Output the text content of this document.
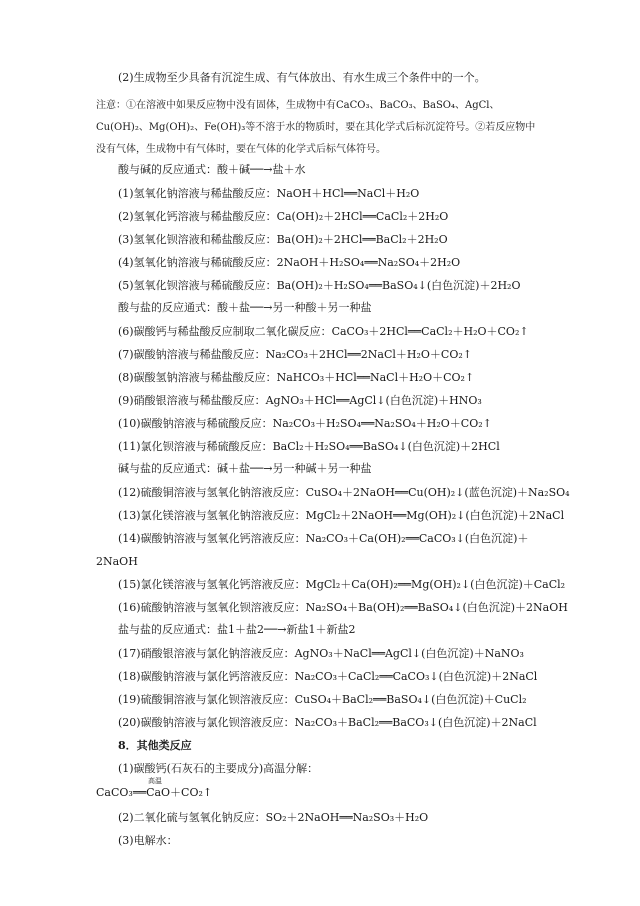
注意：①在溶液中如果反应物中没有固体，生成物中有CaCO₃、BaCO₃、BaSO₄、AgCl、Cu(OH)₂、Mg(OH)₂、Fe(OH)₃等不溶于水的物质时，要在其化学式后标沉淀符号。②若反应物中没有气体，生成物中有气体时，要在气体的化学式后标气体符号。
(2)生成物至少具备有沉淀生成、有气体放出、有水生成三个条件中的一个。
酸与碱的反应通式：酸＋碱──→盐＋水
(1)氢氧化钠溶液与稀盐酸反应：NaOH＋HCl══NaCl＋H₂O
(2)氢氧化钙溶液与稀盐酸反应：Ca(OH)₂＋2HCl══CaCl₂＋2H₂O
(3)氢氧化钡溶液和稀盐酸反应：Ba(OH)₂＋2HCl══BaCl₂＋2H₂O
(4)氢氧化钠溶液与稀硫酸反应：2NaOH＋H₂SO₄══Na₂SO₄＋2H₂O
(5)氢氧化钡溶液与稀硫酸反应：Ba(OH)₂＋H₂SO₄══BaSO₄↓(白色沉淀)＋2H₂O
酸与盐的反应通式：酸＋盐──→另一种酸＋另一种盐
(6)碳酸钙与稀盐酸反应制取二氧化碳反应：CaCO₃＋2HCl══CaCl₂＋H₂O＋CO₂↑
(7)碳酸钠溶液与稀盐酸反应：Na₂CO₃＋2HCl══2NaCl＋H₂O＋CO₂↑
(8)碳酸氢钠溶液与稀盐酸反应：NaHCO₃＋HCl══NaCl＋H₂O＋CO₂↑
(9)硝酸银溶液与稀盐酸反应：AgNO₃＋HCl══AgCl↓(白色沉淀)＋HNO₃
(10)碳酸钠溶液与稀硫酸反应：Na₂CO₃＋H₂SO₄══Na₂SO₄＋H₂O＋CO₂↑
(11)氯化钡溶液与稀硫酸反应：BaCl₂＋H₂SO₄══BaSO₄↓(白色沉淀)＋2HCl
碱与盐的反应通式：碱＋盐──→另一种碱＋另一种盐
(12)硫酸铜溶液与氢氧化钠溶液反应：CuSO₄＋2NaOH══Cu(OH)₂↓(蓝色沉淀)＋Na₂SO₄
(13)氯化镁溶液与氢氧化钠溶液反应：MgCl₂＋2NaOH══Mg(OH)₂↓(白色沉淀)＋2NaCl
(14)碳酸钠溶液与氢氧化钙溶液反应：Na₂CO₃＋Ca(OH)₂══CaCO₃↓(白色沉淀)＋
2NaOH
(15)氯化镁溶液与氢氧化钙溶液反应：MgCl₂＋Ca(OH)₂══Mg(OH)₂↓(白色沉淀)＋CaCl₂
(16)硫酸钠溶液与氢氧化钡溶液反应：Na₂SO₄＋Ba(OH)₂══BaSO₄↓(白色沉淀)＋2NaOH
盐与盐的反应通式：盐1＋盐2──→新盐1＋新盐2
(17)硝酸银溶液与氯化钠溶液反应：AgNO₃＋NaCl══AgCl↓(白色沉淀)＋NaNO₃
(18)碳酸钠溶液与氯化钙溶液反应：Na₂CO₃＋CaCl₂══CaCO₃↓(白色沉淀)＋2NaCl
(19)硫酸铜溶液与氯化钡溶液反应：CuSO₄＋BaCl₂══BaSO₄↓(白色沉淀)＋CuCl₂
(20)碳酸钠溶液与氯化钡溶液反应：Na₂CO₃＋BaCl₂══BaCO₃↓(白色沉淀)＋2NaCl
8．其他类反应
(1)碳酸钙(石灰石的主要成分)高温分解：
CaCO₃══CaO＋CO₂↑
(2)二氧化硫与氢氧化钠反应：SO₂＋2NaOH══Na₂SO₃＋H₂O
(3)电解水：
高温
